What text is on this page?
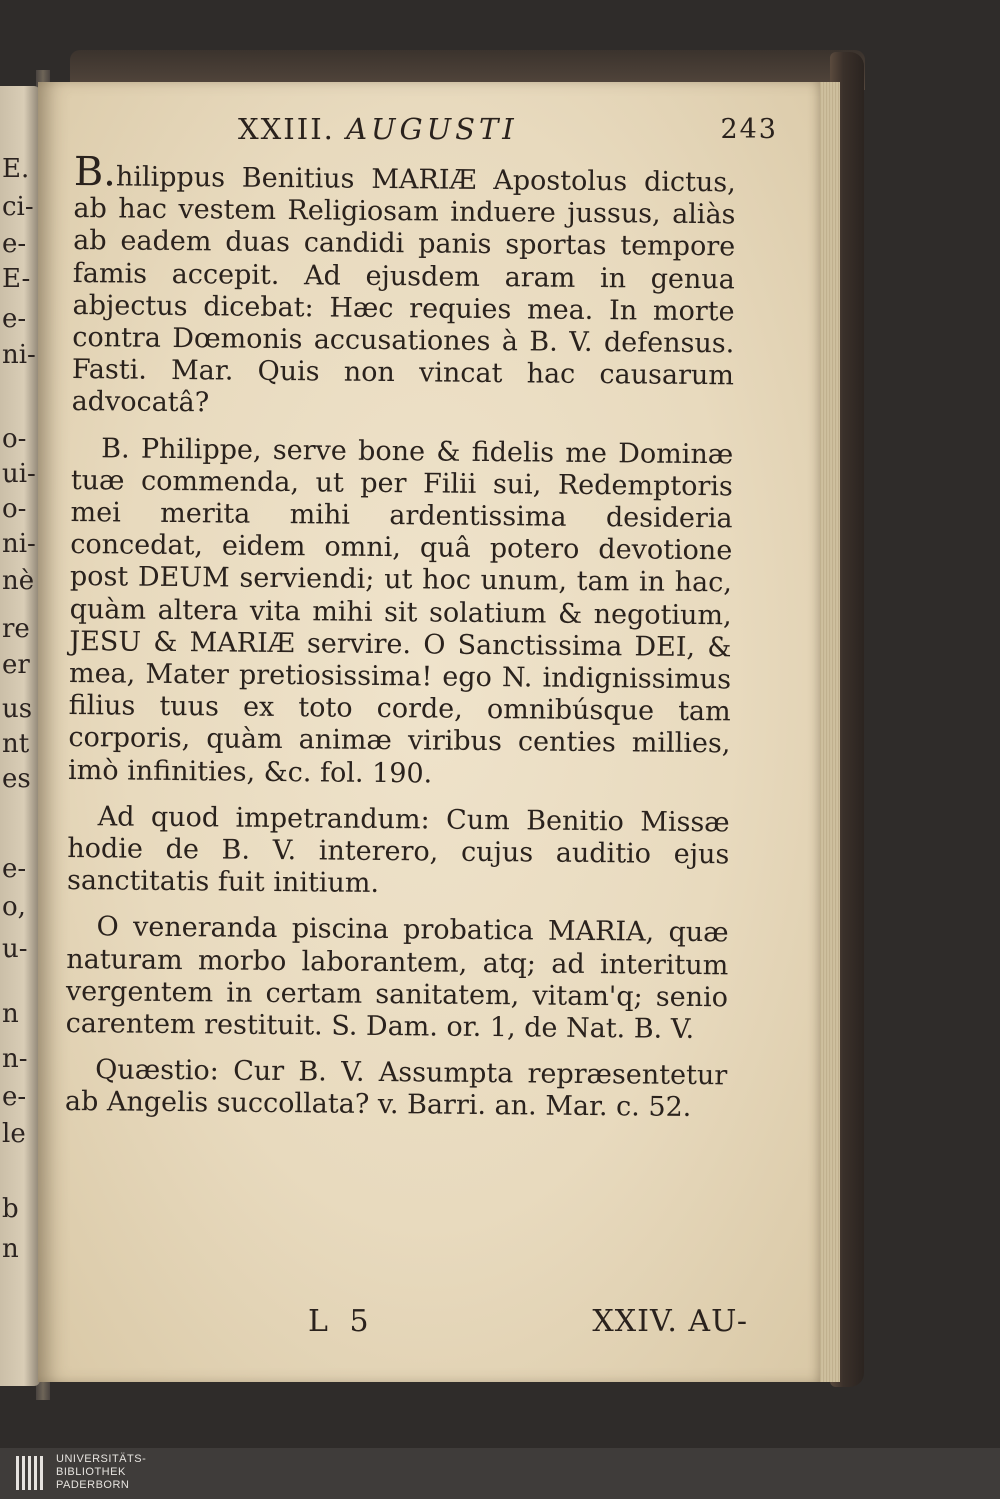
E.
ci-
e-
E-
e-
ni-
o-
ui-
o-
ni-
nè
re
er
us
nt
es
e-
o,
u-
n
n-
e-
le
b
n
XXIII. AUGUSTI	243

B.hilippus Benitius MARIÆ Apostolus dictus, ab hac vestem Religiosam induere jussus, aliàs ab eadem duas candidi panis sportas tempore famis accepit. Ad ejusdem aram in genua abjectus dicebat: Hæc requies mea. In morte contra Dœmonis accusationes à B. V. defensus. Fasti. Mar. Quis non vincat hac causarum advocatâ?

B. Philippe, serve bone & fidelis me Dominæ tuæ commenda, ut per Filii sui, Redemptoris mei merita mihi ardentissima desideria concedat, eidem omni, quâ potero devotione post DEUM serviendi; ut hoc unum, tam in hac, quàm altera vita mihi sit solatium & negotium, JESU & MARIÆ servire. O Sanctissima DEI, & mea, Mater pretiosissima! ego N. indignissimus filius tuus ex toto corde, omnibúsque tam corporis, quàm animæ viribus centies millies, imò infinities, &c. fol. 190.

Ad quod impetrandum: Cum Benitio Missæ hodie de B. V. interero, cujus auditio ejus sanctitatis fuit initium.

O veneranda piscina probatica MARIA, quæ naturam morbo laborantem, atq; ad interitum vergentem in certam sanitatem, vitam'q; senio carentem restituit. S. Dam. or. 1, de Nat. B. V.

Quæstio: Cur B. V. Assumpta repræsentetur ab Angelis succollata? v. Barri. an. Mar. c. 52.

L 5	XXIV. AU-
UNIVERSITÄTS-
BIBLIOTHEK
PADERBORN
